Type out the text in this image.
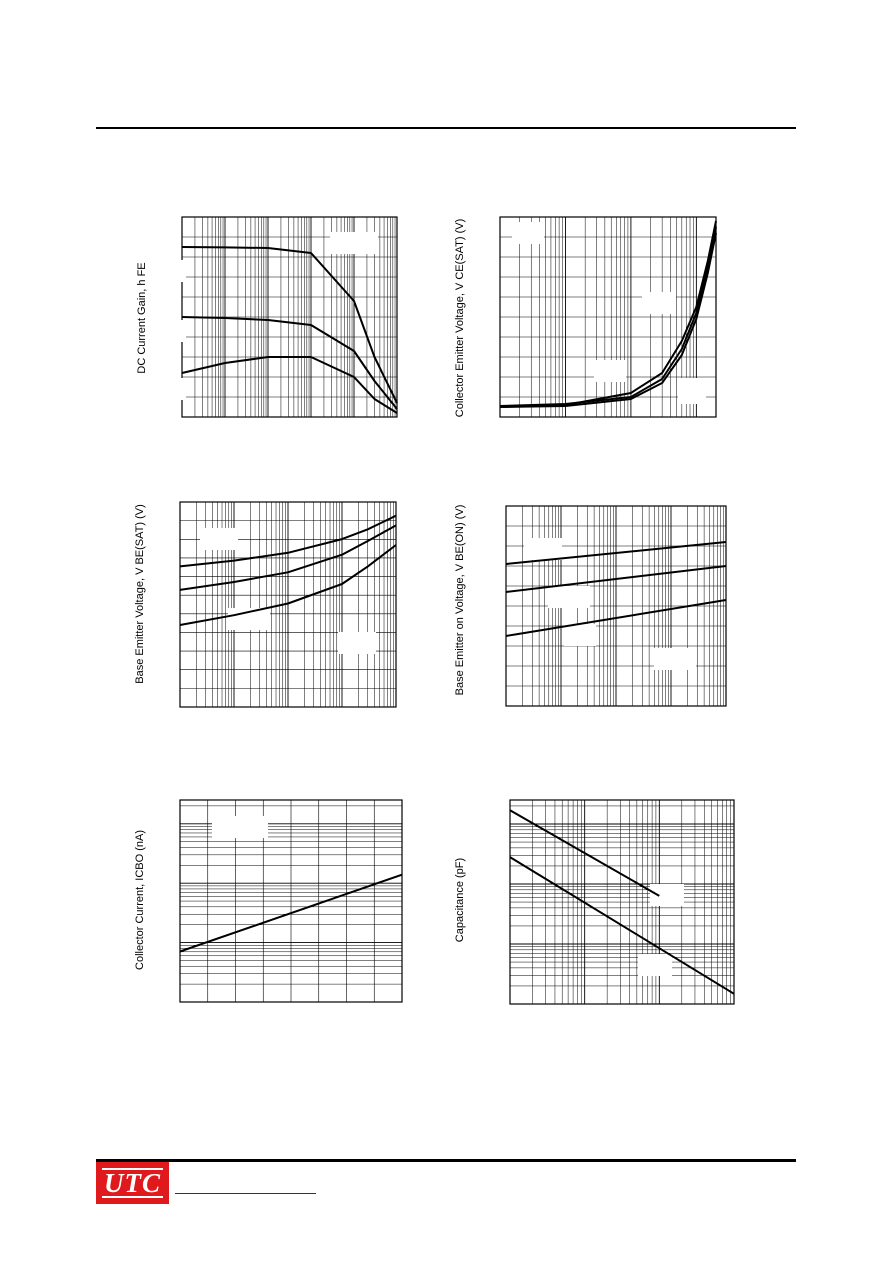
DC Current Gain, h FE	Collector Emitter Voltage, V CE(SAT) (V)
Base Emitter Voltage, V BE(SAT) (V)	Base Emitter on Voltage, V BE(ON) (V)
Collector Current, ICBO (nA)	Capacitance (pF)
UTC
